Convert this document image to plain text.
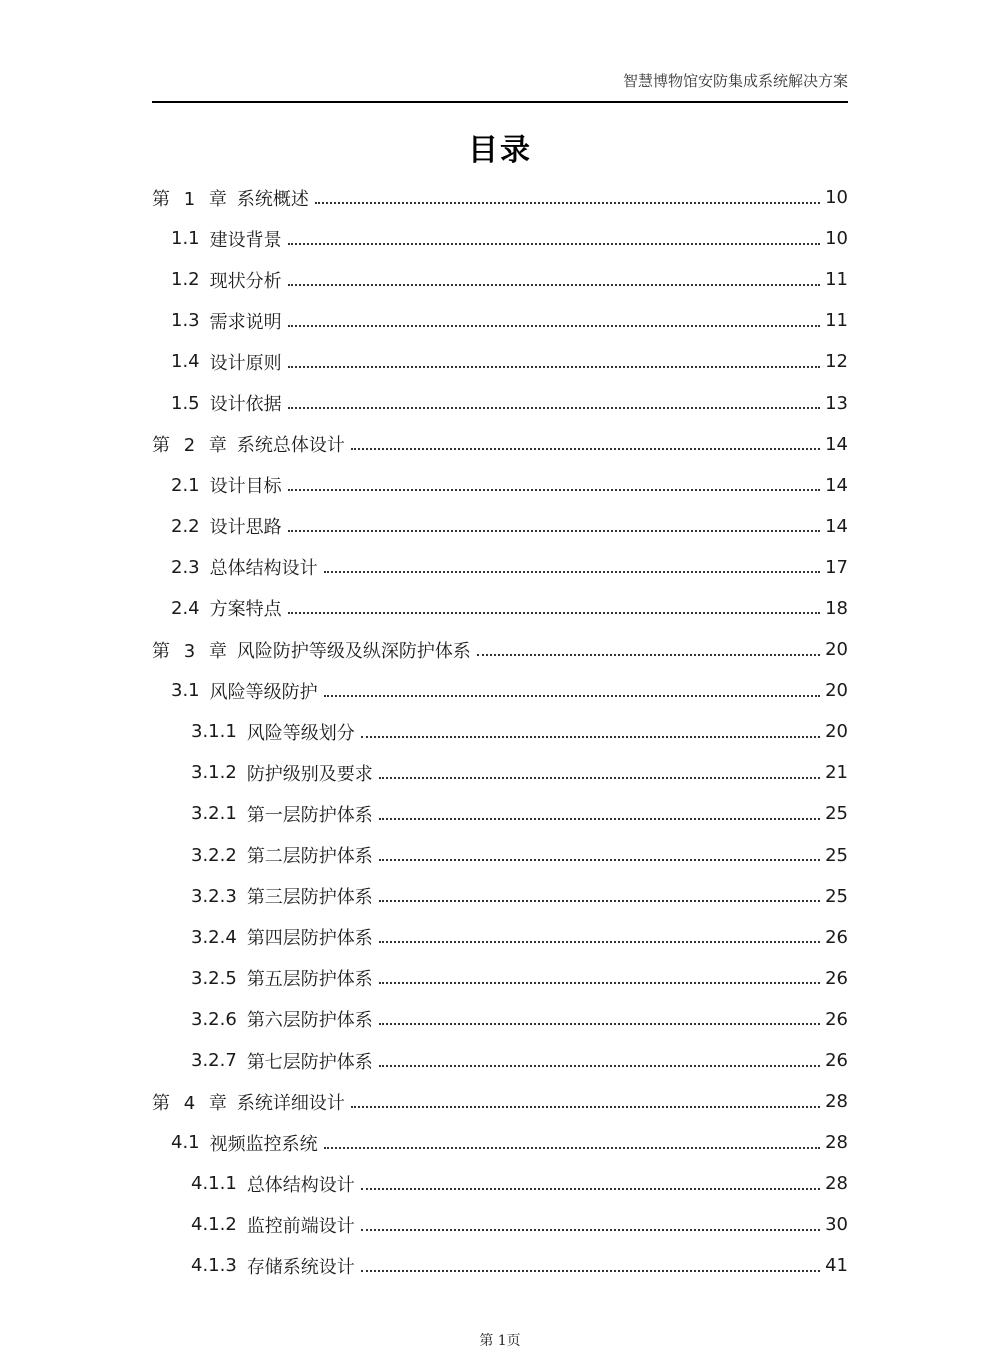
智慧博物馆安防集成系统解决方案
目录
第 1 章 系统概述	10
1.1 建设背景	10
1.2 现状分析	11
1.3 需求说明	11
1.4 设计原则	12
1.5 设计依据	13
第 2 章 系统总体设计	14
2.1 设计目标	14
2.2 设计思路	14
2.3 总体结构设计	17
2.4 方案特点	18
第 3 章 风险防护等级及纵深防护体系	20
3.1 风险等级防护	20
3.1.1 风险等级划分	20
3.1.2 防护级别及要求	21
3.2.1 第一层防护体系	25
3.2.2 第二层防护体系	25
3.2.3 第三层防护体系	25
3.2.4 第四层防护体系	26
3.2.5 第五层防护体系	26
3.2.6 第六层防护体系	26
3.2.7 第七层防护体系	26
第 4 章 系统详细设计	28
4.1 视频监控系统	28
4.1.1 总体结构设计	28
4.1.2 监控前端设计	30
4.1.3 存储系统设计	41
第 1页
